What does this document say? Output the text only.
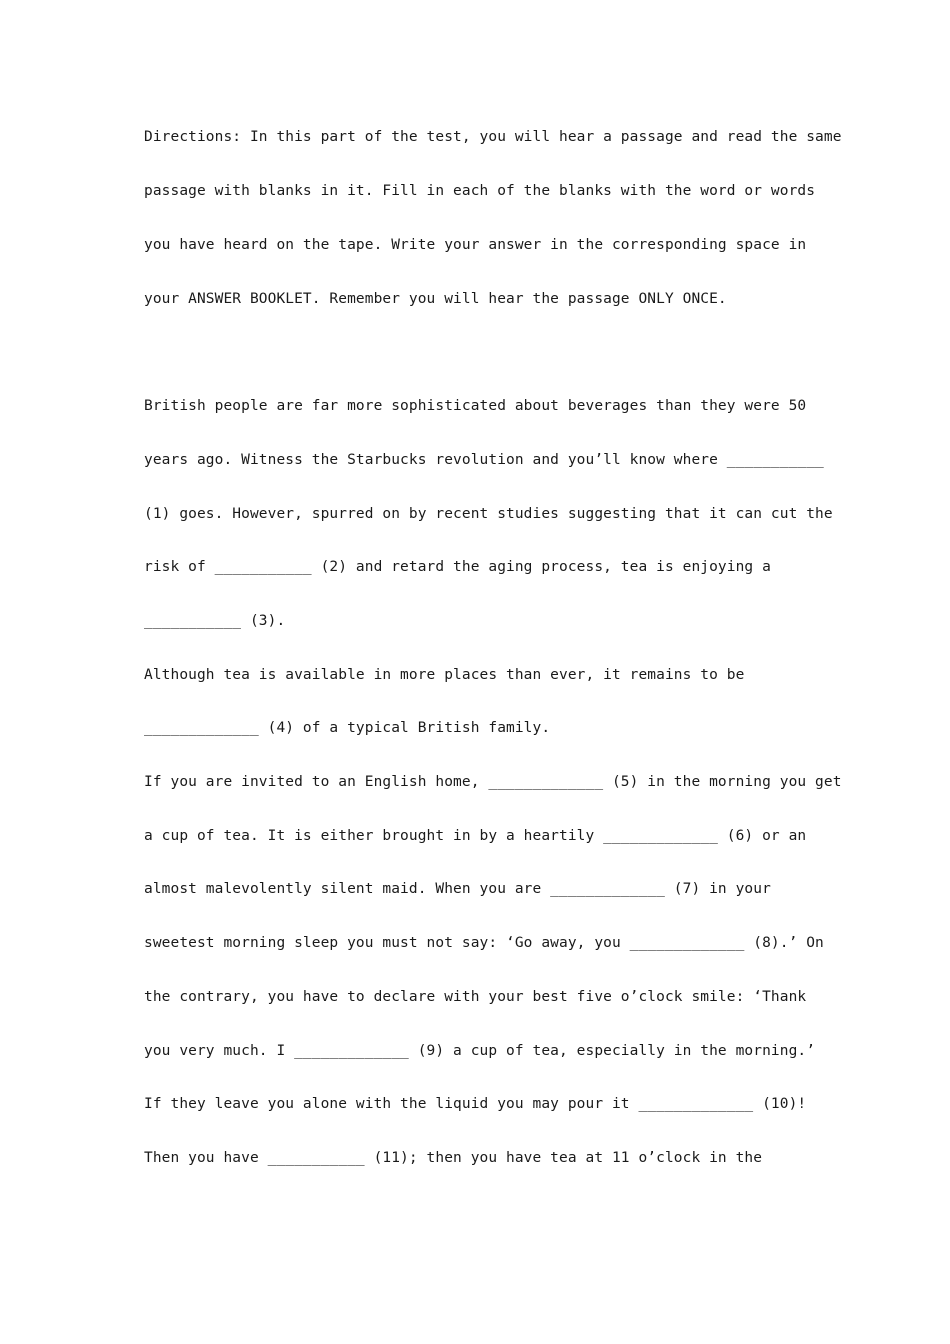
Directions: In this part of the test, you will hear a passage and read the same
passage with blanks in it. Fill in each of the blanks with the word or words
you have heard on the tape. Write your answer in the corresponding space in
your ANSWER BOOKLET. Remember you will hear the passage ONLY ONCE.
British people are far more sophisticated about beverages than they were 50
years ago. Witness the Starbucks revolution and you’ll know where ___________
(1) goes. However, spurred on by recent studies suggesting that it can cut the
risk of ___________ (2) and retard the aging process, tea is enjoying a
___________ (3).
Although tea is available in more places than ever, it remains to be
_____________ (4) of a typical British family.
If you are invited to an English home, _____________ (5) in the morning you get
a cup of tea. It is either brought in by a heartily _____________ (6) or an
almost malevolently silent maid. When you are _____________ (7) in your
sweetest morning sleep you must not say: ‘Go away, you _____________ (8).’ On
the contrary, you have to declare with your best five o’clock smile: ‘Thank
you very much. I _____________ (9) a cup of tea, especially in the morning.’
If they leave you alone with the liquid you may pour it _____________ (10)!
Then you have ___________ (11); then you have tea at 11 o’clock in the
